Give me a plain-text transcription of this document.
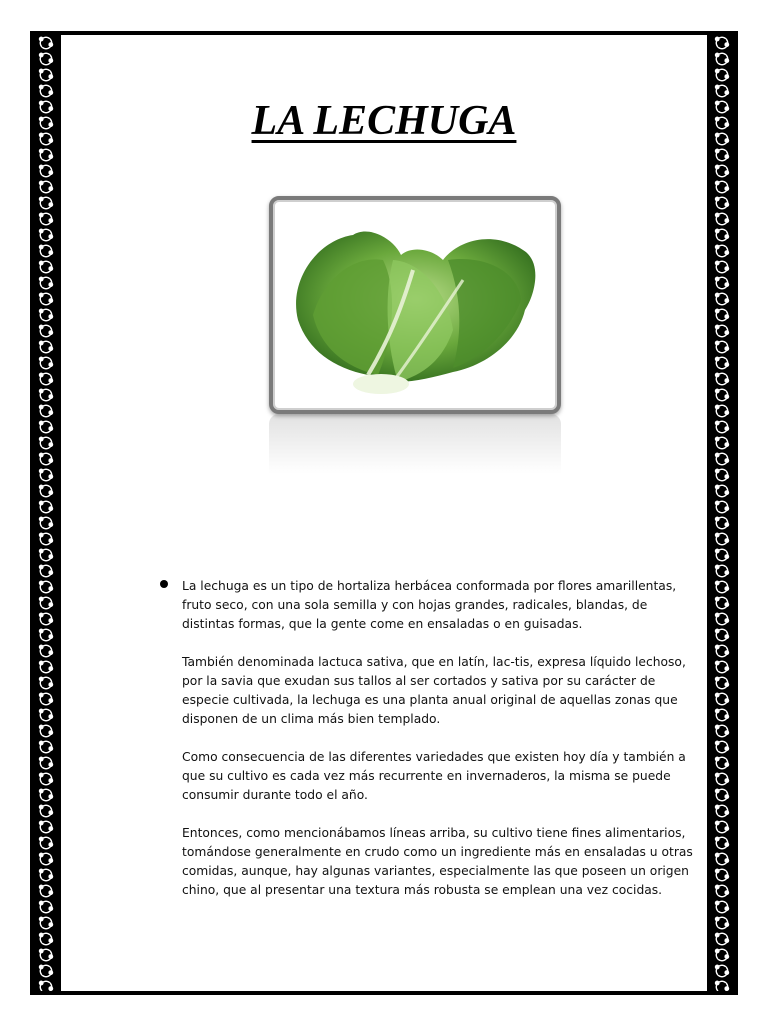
LA LECHUGA

La lechuga es un tipo de hortaliza herbácea conformada por flores amarillentas, fruto seco, con una sola semilla y con hojas grandes, radicales, blandas, de distintas formas, que la gente come en ensaladas o en guisadas.

También denominada lactuca sativa, que en latín, lac-tis, expresa líquido lechoso, por la savia que exudan sus tallos al ser cortados y sativa por su carácter de especie cultivada, la lechuga es una planta anual original de aquellas zonas que disponen de un clima más bien templado.

Como consecuencia de las diferentes variedades que existen hoy día y también a que su cultivo es cada vez más recurrente en invernaderos, la misma se puede consumir durante todo el año.

Entonces, como mencionábamos líneas arriba, su cultivo tiene fines alimentarios, tomándose generalmente en crudo como un ingrediente más en ensaladas u otras comidas, aunque, hay algunas variantes, especialmente las que poseen un origen chino, que al presentar una textura más robusta se emplean una vez cocidas.
